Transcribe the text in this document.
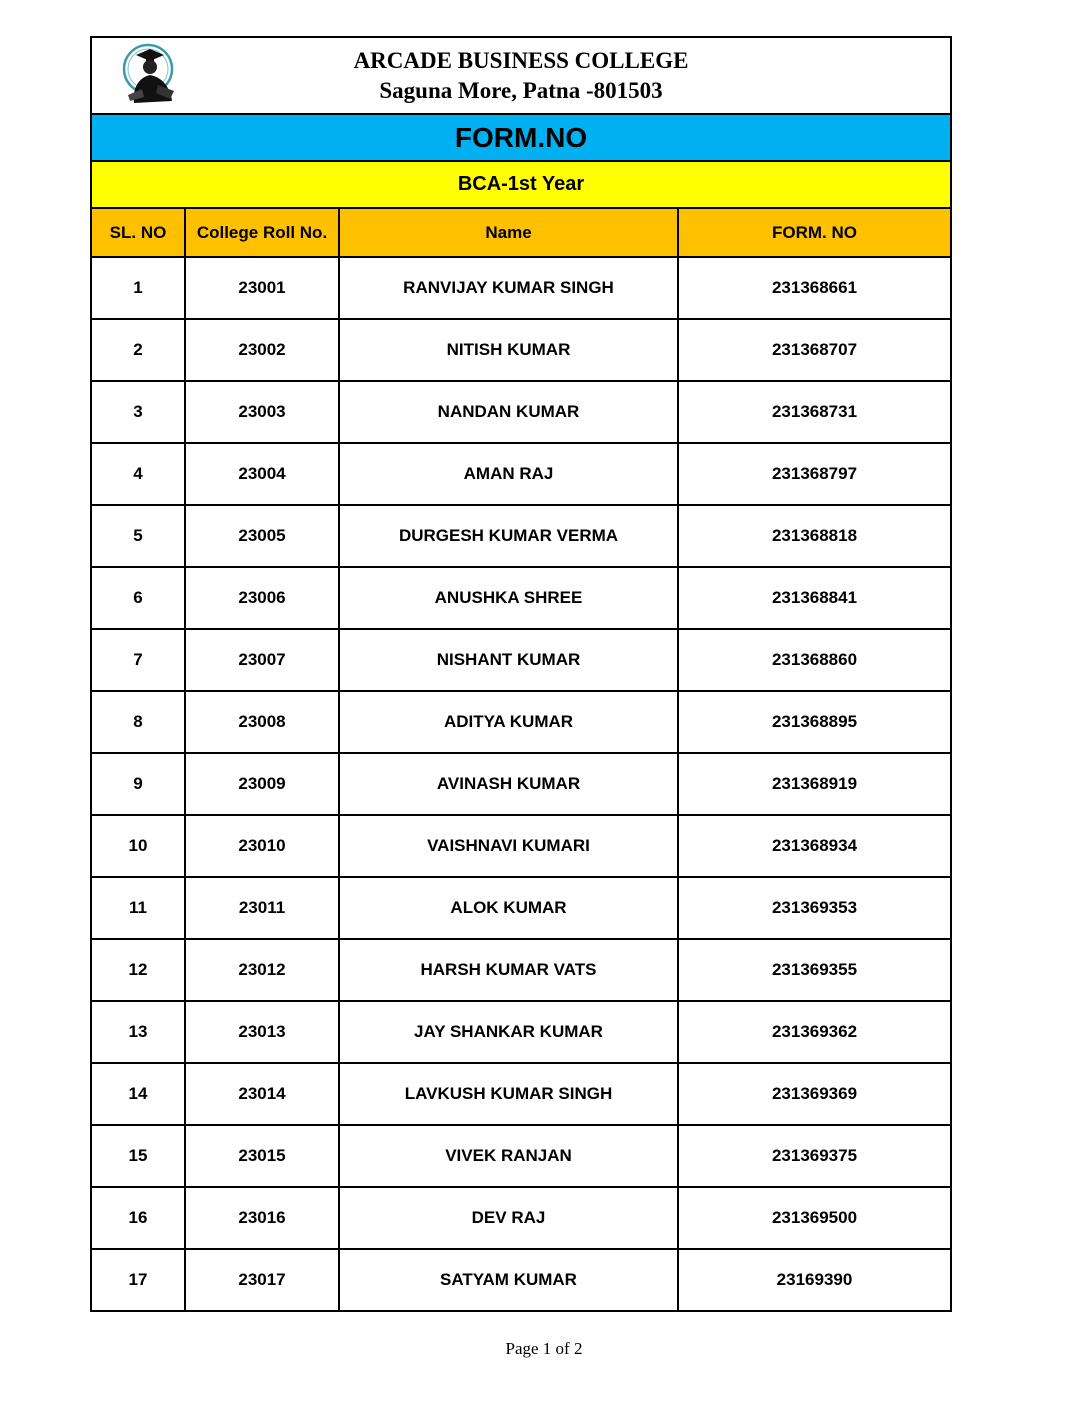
ARCADE BUSINESS COLLEGE
Saguna More, Patna -801503			

FORM.NO			
BCA-1st Year			
SL. NO	College Roll No.	Name	FORM. NO
1	23001	RANVIJAY KUMAR SINGH	231368661
2	23002	NITISH KUMAR	231368707
3	23003	NANDAN KUMAR	231368731
4	23004	AMAN RAJ	231368797
5	23005	DURGESH KUMAR VERMA	231368818
6	23006	ANUSHKA SHREE	231368841
7	23007	NISHANT KUMAR	231368860
8	23008	ADITYA KUMAR	231368895
9	23009	AVINASH KUMAR	231368919
10	23010	VAISHNAVI KUMARI	231368934
11	23011	ALOK KUMAR	231369353
12	23012	HARSH KUMAR VATS	231369355
13	23013	JAY SHANKAR KUMAR	231369362
14	23014	LAVKUSH KUMAR SINGH	231369369
15	23015	VIVEK RANJAN	231369375
16	23016	DEV RAJ	231369500
17	23017	SATYAM KUMAR	23169390
Page 1 of 2
